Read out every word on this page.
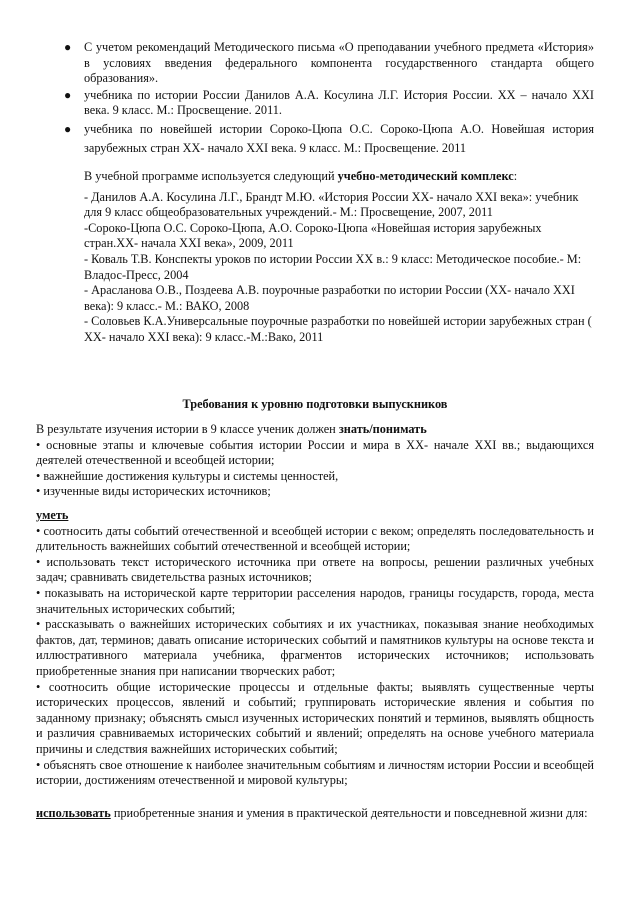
● С учетом рекомендаций Методического письма «О преподавании учебного предмета «История» в условиях введения федерального компонента государственного стандарта общего образования».
● учебника по истории России Данилов А.А. Косулина Л.Г. История России. XX – начало XXI века. 9 класс. М.: Просвещение. 2011.
● учебника по новейшей истории Сороко-Цюпа О.С. Сороко-Цюпа А.О. Новейшая история зарубежных стран XX- начало XXI века. 9 класс. М.: Просвещение. 2011

В учебной программе используется следующий учебно-методический комплекс:

- Данилов А.А. Косулина Л.Г., Брандт М.Ю. «История России XX- начало XXI века»: учебник для 9 класс общеобразовательных учреждений.- М.: Просвещение, 2007, 2011

-Сороко-Цюпа О.С. Сороко-Цюпа, А.О. Сороко-Цюпа «Новейшая история зарубежных стран.XX- начала XXI века», 2009, 2011

- Коваль Т.В. Конспекты уроков по истории России XX в.: 9 класс: Методическое пособие.- М: Владос-Пресс, 2004

- Арасланова О.В., Поздеева А.В. поурочные разработки по истории России (XX- начало XXI века): 9 класс.- М.: ВАКО, 2008

- Соловьев К.А.Универсальные поурочные разработки по новейшей истории зарубежных стран ( XX- начало XXI века): 9 класс.-М.:Вако, 2011

Требования к уровню подготовки выпускников

В результате изучения истории в 9 классе ученик должен знать/понимать

• основные этапы и ключевые события истории России и мира в XX- начале XXI вв.; выдающихся деятелей отечественной и всеобщей истории;

• важнейшие достижения культуры и системы ценностей,

• изученные виды исторических источников;

уметь

• соотносить даты событий отечественной и всеобщей истории с веком; определять последовательность и длительность важнейших событий отечественной и всеобщей истории;

• использовать текст исторического источника при ответе на вопросы, решении различных учебных задач; сравнивать свидетельства разных источников;

• показывать на исторической карте территории расселения народов, границы государств, города, места значительных исторических событий;

• рассказывать о важнейших исторических событиях и их участниках, показывая знание необходимых фактов, дат, терминов; давать описание исторических событий и памятников культуры на основе текста и иллюстративного материала учебника, фрагментов исторических источников; использовать приобретенные знания при написании творческих работ;

• соотносить общие исторические процессы и отдельные факты; выявлять существенные черты исторических процессов, явлений и событий; группировать исторические явления и события по заданному признаку; объяснять смысл изученных исторических понятий и терминов, выявлять общность и различия сравниваемых исторических событий и явлений; определять на основе учебного материала причины и следствия важнейших исторических событий;

• объяснять свое отношение к наиболее значительным событиям и личностям истории России и всеобщей истории, достижениям отечественной и мировой культуры;

использовать приобретенные знания и умения в практической деятельности и повседневной жизни для:
